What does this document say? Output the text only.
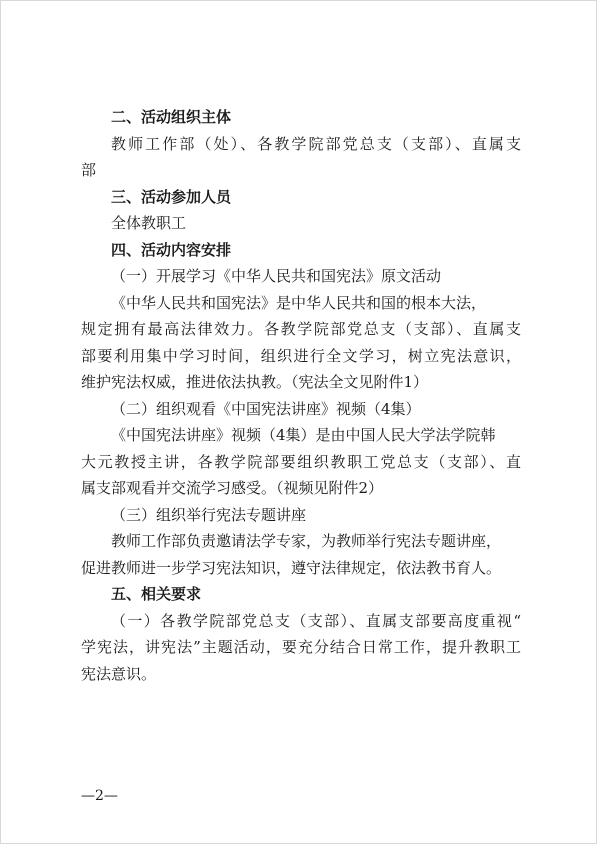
二、活动组织主体
教师工作部（处）、各教学院部党总支（支部）、直属支
部
三、活动参加人员
全体教职工
四、活动内容安排
（一）开展学习《中华人民共和国宪法》原文活动
《中华人民共和国宪法》是中华人民共和国的根本大法，
规定拥有最高法律效力。各教学院部党总支（支部）、直属支
部要利用集中学习时间，组织进行全文学习，树立宪法意识，
维护宪法权威，推进依法执教。（宪法全文见附件1）
（二）组织观看《中国宪法讲座》视频（4集）
《中国宪法讲座》视频（4集）是由中国人民大学法学院韩
大元教授主讲，各教学院部要组织教职工党总支（支部）、直
属支部观看并交流学习感受。（视频见附件2）
（三）组织举行宪法专题讲座
教师工作部负责邀请法学专家，为教师举行宪法专题讲座，
促进教师进一步学习宪法知识，遵守法律规定，依法教书育人。
五、相关要求
（一）各教学院部党总支（支部）、直属支部要高度重视“
学宪法，讲宪法”主题活动，要充分结合日常工作，提升教职工
宪法意识。
—2—
